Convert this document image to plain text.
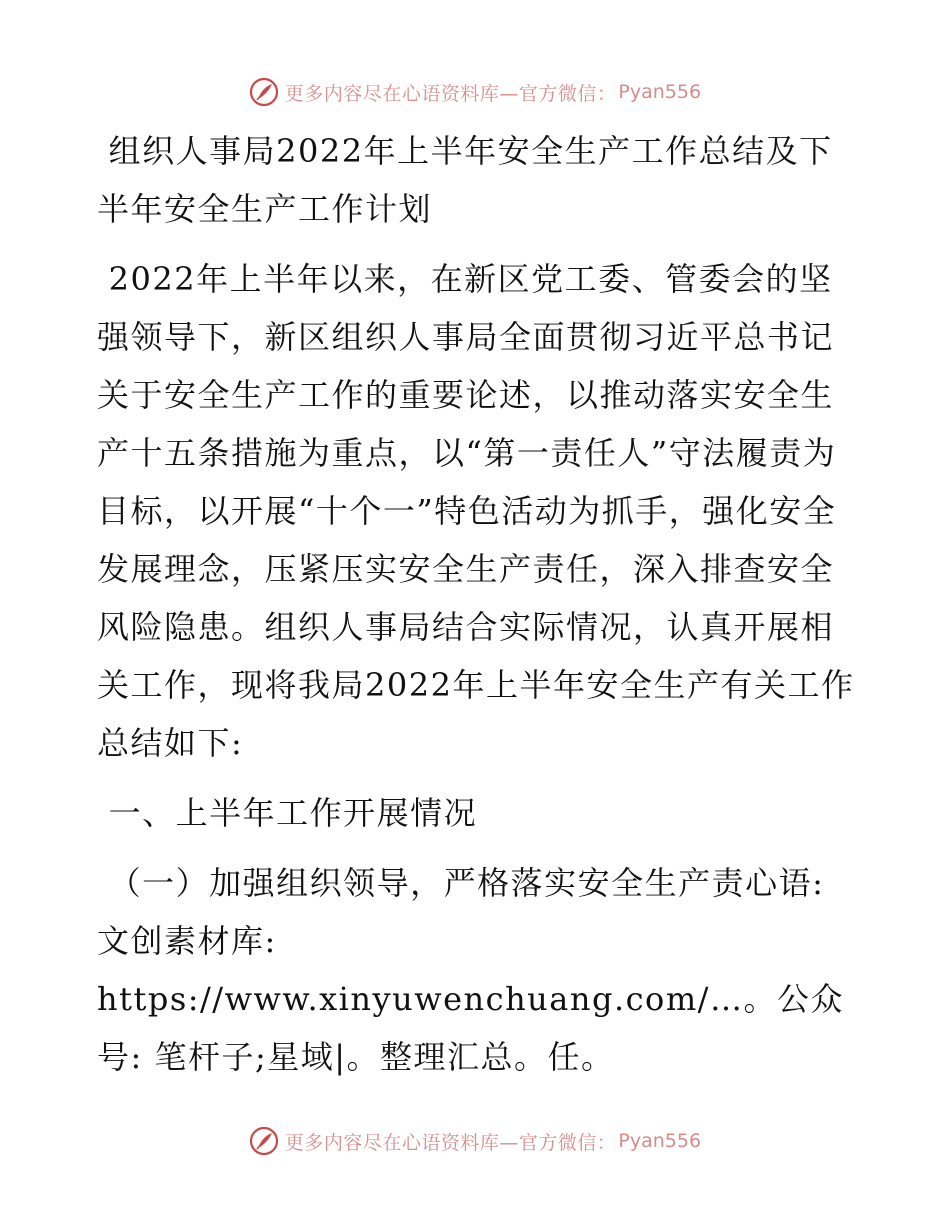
更多内容尽在心语资料库—官方微信： Pyan556

组织人事局2022年上半年安全生产工作总结及下半年安全生产工作计划

2022年上半年以来，在新区党工委、管委会的坚强领导下，新区组织人事局全面贯彻习近平总书记关于安全生产工作的重要论述，以推动落实安全生产十五条措施为重点，以“第一责任人”守法履责为目标，以开展“十个一”特色活动为抓手，强化安全发展理念，压紧压实安全生产责任，深入排查安全风险隐患。组织人事局结合实际情况，认真开展相关工作，现将我局2022年上半年安全生产有关工作总结如下:

一、上半年工作开展情况

（一）加强组织领导，严格落实安全生产责心语:文创素材库: https://www.xinyuwenchuang.com/…。公众号: 笔杆子;星域|。整理汇总。任。

更多内容尽在心语资料库—官方微信： Pyan556
